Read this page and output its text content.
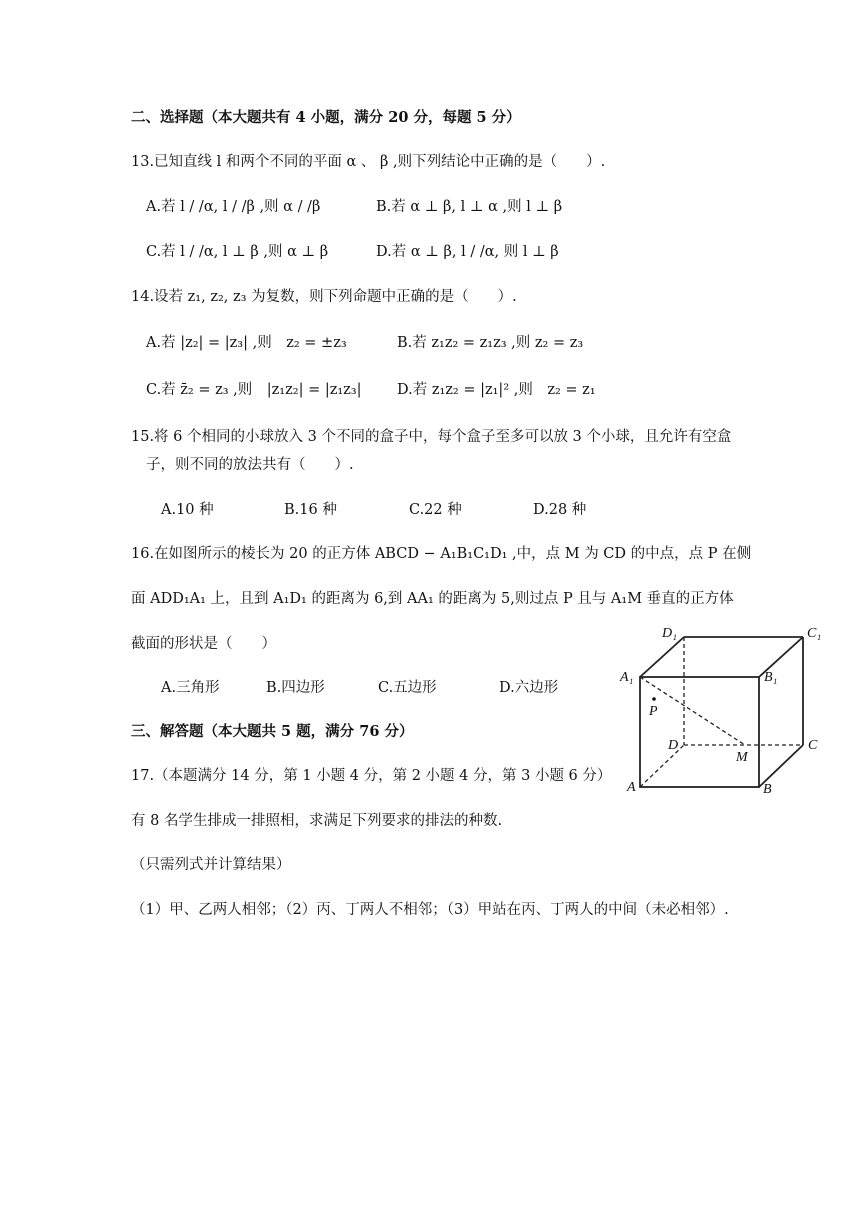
二、选择题（本大题共有 4 小题，满分 20 分，每题 5 分）
13.已知直线 l 和两个不同的平面 α 、 β ,则下列结论中正确的是（　　）.
A.若 l / /α, l / /β ,则 α / /β	B.若 α ⊥ β, l ⊥ α ,则 l ⊥ β
C.若 l / /α, l ⊥ β ,则 α ⊥ β	D.若 α ⊥ β, l / /α, 则 l ⊥ β
14.设若 z₁, z₂, z₃ 为复数，则下列命题中正确的是（　　）.
A.若 |z₂| = |z₃| ,则　z₂ = ±z₃	B.若 z₁z₂ = z₁z₃ ,则 z₂ = z₃
C.若 z̄₂ = z₃ ,则　|z₁z₂| = |z₁z₃| D.若 z₁z₂ = |z₁|² ,则　z₂ = z₁
15.将 6 个相同的小球放入 3 个不同的盒子中，每个盒子至多可以放 3 个小球，且允许有空盒
子，则不同的放法共有（　　）.
A.10 种	B.16 种	C.22 种	D.28 种
16.在如图所示的棱长为 20 的正方体 ABCD − A₁B₁C₁D₁ ,中，点 M 为 CD 的中点，点 P 在侧
面 ADD₁A₁ 上，且到 A₁D₁ 的距离为 6,到 AA₁ 的距离为 5,则过点 P 且与 A₁M 垂直的正方体
截面的形状是（　　）
A.三角形	B.四边形	C.五边形	D.六边形
三、解答题（本大题共 5 题，满分 76 分）
17.（本题满分 14 分，第 1 小题 4 分，第 2 小题 4 分，第 3 小题 6 分）
有 8 名学生排成一排照相，求满足下列要求的排法的种数.
（只需列式并计算结果）
（1）甲、乙两人相邻；（2）丙、丁两人不相邻；（3）甲站在丙、丁两人的中间（未必相邻）.
D₁	C₁
A₁	B₁
P
D
M
C
A	B
